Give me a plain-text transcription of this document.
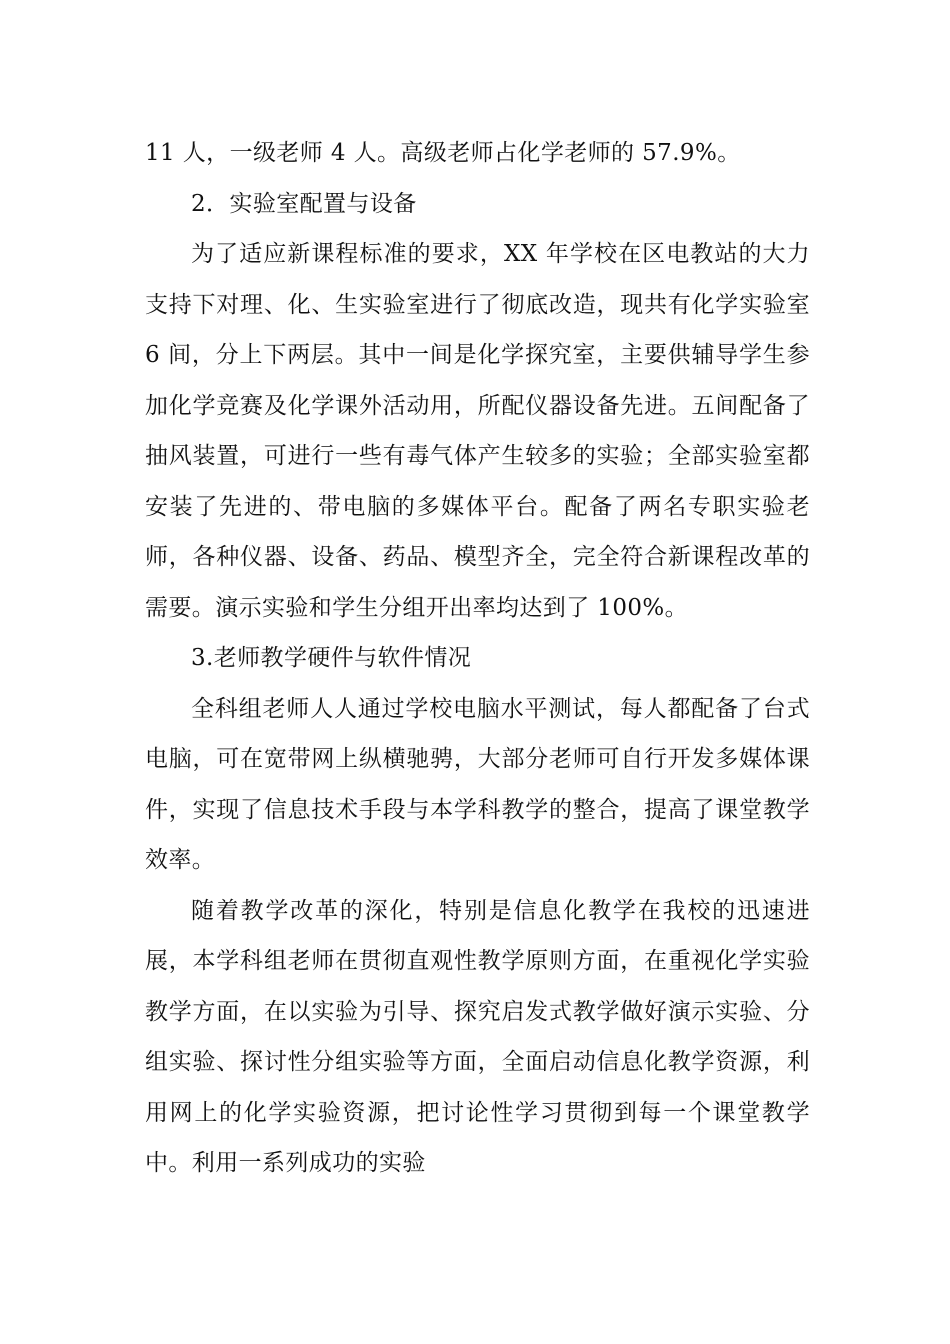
11 人，一级老师 4 人。高级老师占化学老师的 57.9%。

2．实验室配置与设备

为了适应新课程标准的要求，XX 年学校在区电教站的大力支持下对理、化、生实验室进行了彻底改造，现共有化学实验室 6 间，分上下两层。其中一间是化学探究室，主要供辅导学生参加化学竞赛及化学课外活动用，所配仪器设备先进。五间配备了抽风装置，可进行一些有毒气体产生较多的实验；全部实验室都安装了先进的、带电脑的多媒体平台。配备了两名专职实验老师，各种仪器、设备、药品、模型齐全，完全符合新课程改革的需要。演示实验和学生分组开出率均达到了 100%。

3.老师教学硬件与软件情况

全科组老师人人通过学校电脑水平测试，每人都配备了台式电脑，可在宽带网上纵横驰骋，大部分老师可自行开发多媒体课件，实现了信息技术手段与本学科教学的整合，提高了课堂教学效率。

随着教学改革的深化，特别是信息化教学在我校的迅速进展，本学科组老师在贯彻直观性教学原则方面，在重视化学实验教学方面，在以实验为引导、探究启发式教学做好演示实验、分组实验、探讨性分组实验等方面，全面启动信息化教学资源，利用网上的化学实验资源，把讨论性学习贯彻到每一个课堂教学中。利用一系列成功的实验
